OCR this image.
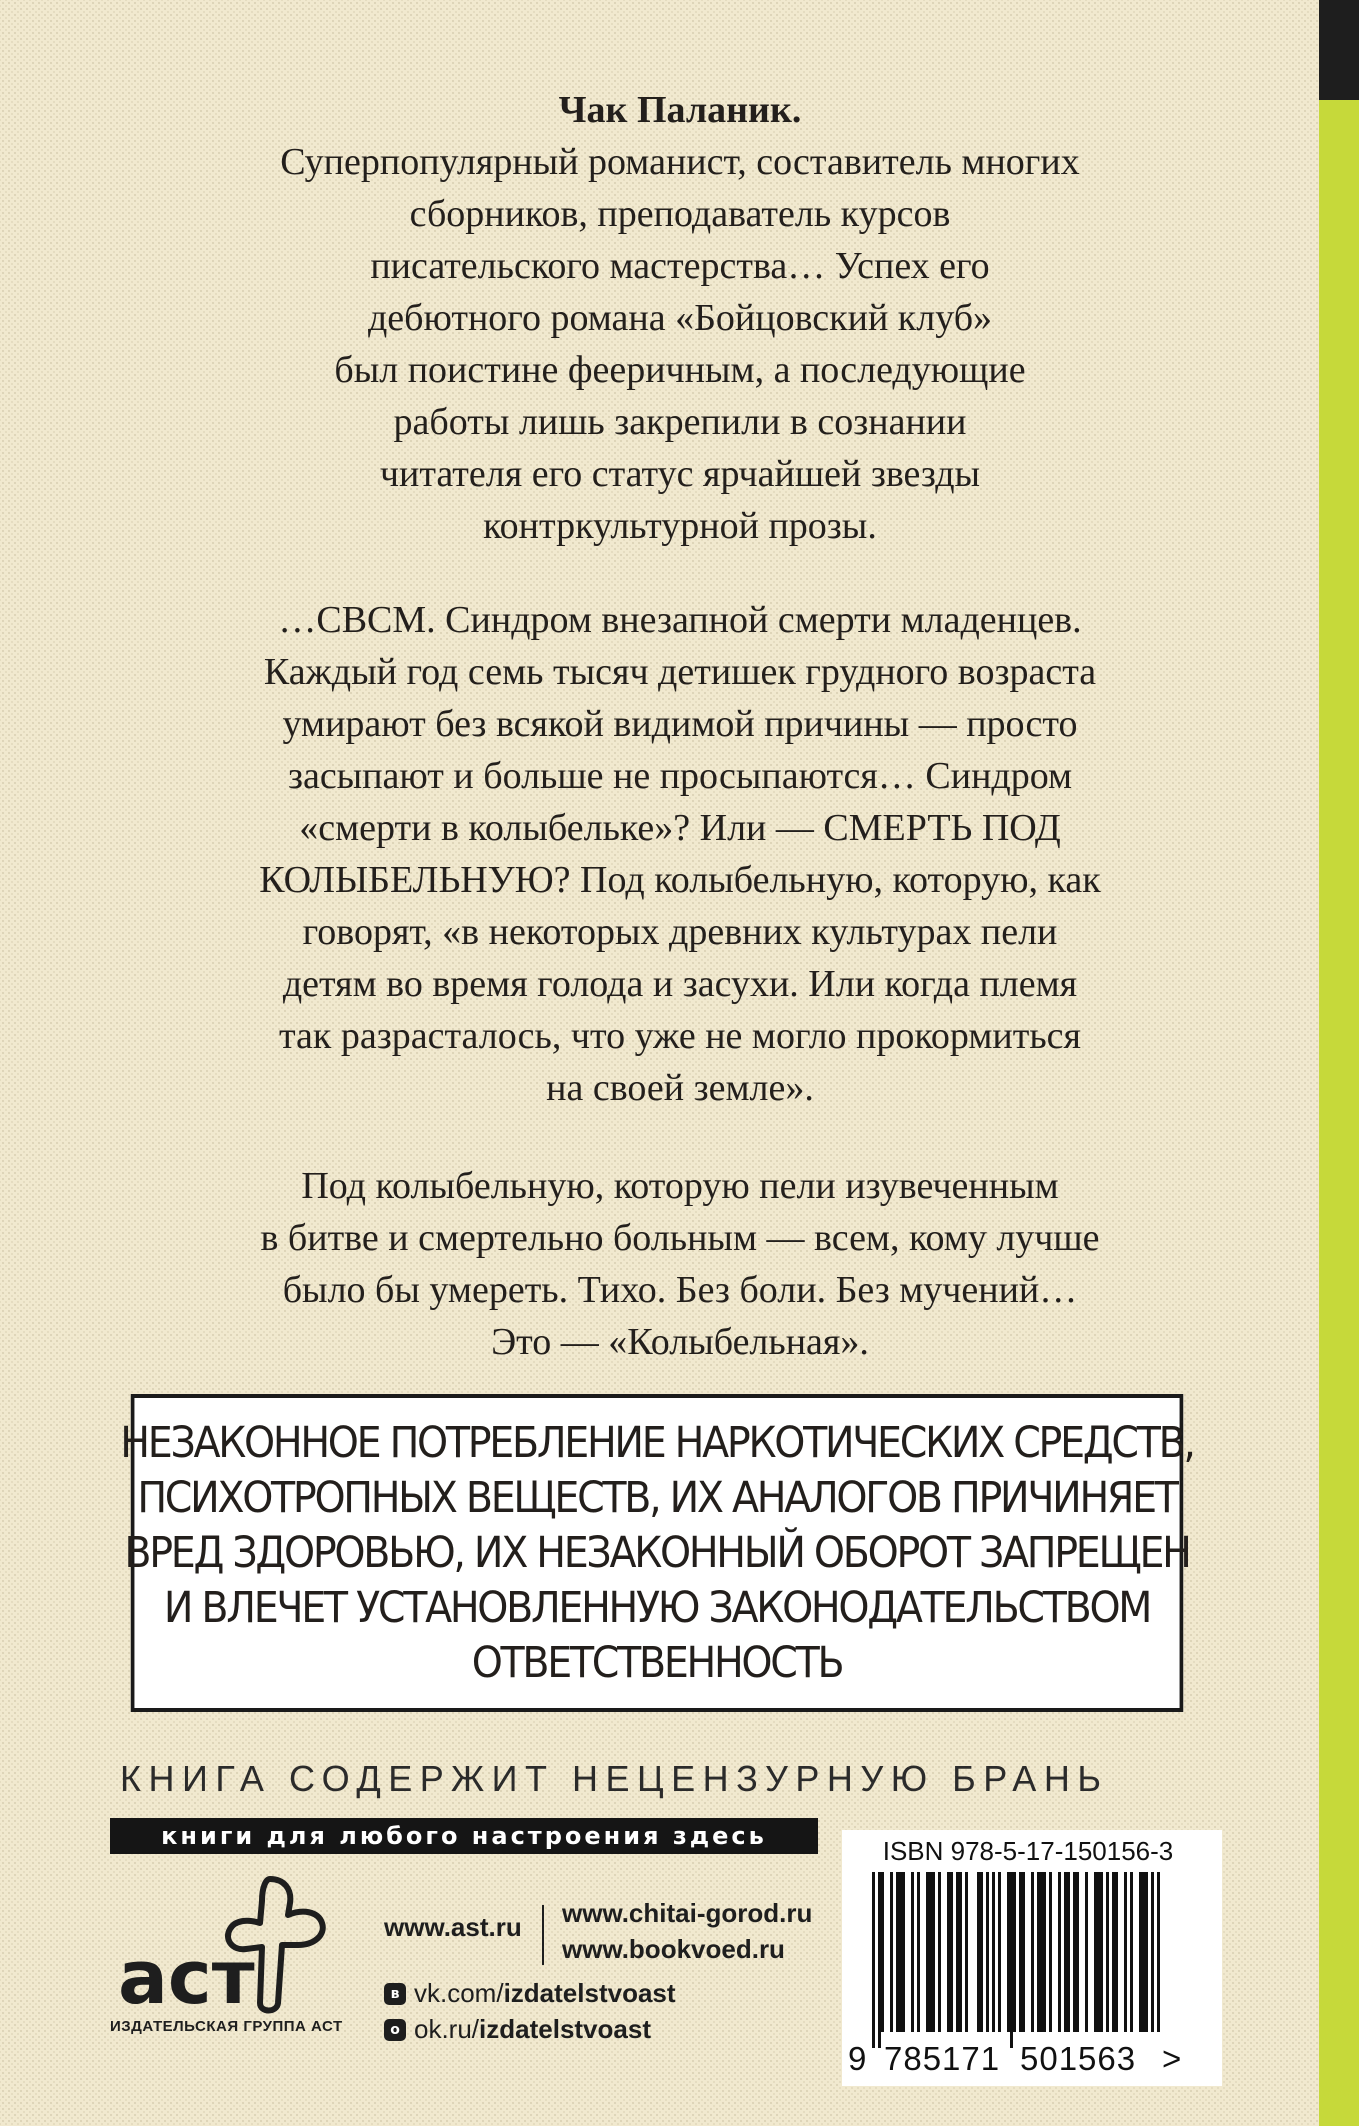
Чак Паланик.
Суперпопулярный романист, составитель многих
сборников, преподаватель курсов
писательского мастерства… Успех его
дебютного романа «Бойцовский клуб»
был поистине фееричным, а последующие
работы лишь закрепили в сознании
читателя его статус ярчайшей звезды
контркультурной прозы.
…СВСМ. Синдром внезапной смерти младенцев.
Каждый год семь тысяч детишек грудного возраста
умирают без всякой видимой причины — просто
засыпают и больше не просыпаются… Синдром
«смерти в колыбельке»? Или — СМЕРТЬ ПОД
КОЛЫБЕЛЬНУЮ? Под колыбельную, которую, как
говорят, «в некоторых древних культурах пели
детям во время голода и засухи. Или когда племя
так разрасталось, что уже не могло прокормиться
на своей земле».
Под колыбельную, которую пели изувеченным
в битве и смертельно больным — всем, кому лучше
было бы умереть. Тихо. Без боли. Без мучений…
Это — «Колыбельная».
НЕЗАКОННОЕ ПОТРЕБЛЕНИЕ НАРКОТИЧЕСКИХ СРЕДСТВ,
ПСИХОТРОПНЫХ ВЕЩЕСТВ, ИХ АНАЛОГОВ ПРИЧИНЯЕТ
ВРЕД ЗДОРОВЬЮ, ИХ НЕЗАКОННЫЙ ОБОРОТ ЗАПРЕЩЕН
И ВЛЕЧЕТ УСТАНОВЛЕННУЮ ЗАКОНОДАТЕЛЬСТВОМ
ОТВЕТСТВЕННОСТЬ
КНИГА СОДЕРЖИТ НЕЦЕНЗУРНУЮ БРАНЬ
книги для любого настроения здесь
аст
ИЗДАТЕЛЬСКАЯ ГРУППА АСТ
www.ast.ru www.chitai-gorod.ru
www.bookvoed.ru
в vk.com/izdatelstvoast
о ok.ru/izdatelstvoast
ISBN 978-5-17-150156-3
9 785171 501563 >
